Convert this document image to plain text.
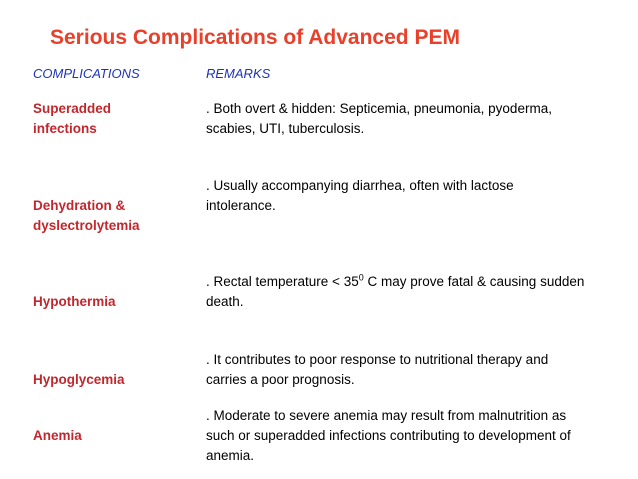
Serious Complications of Advanced PEM
COMPLICATIONS	REMARKS
Superadded
infections
. Both overt & hidden: Septicemia, pneumonia, pyoderma,
scabies, UTI, tuberculosis.
Dehydration &
dyslectrolytemia
. Usually accompanying diarrhea, often with lactose
intolerance.
Hypothermia
. Rectal temperature < $35^0$ C may prove fatal & causing sudden
death.
Hypoglycemia
. It contributes to poor response to nutritional therapy and
carries a poor prognosis.
Anemia
. Moderate to severe anemia may result from malnutrition as
such or superadded infections contributing to development of
anemia.
